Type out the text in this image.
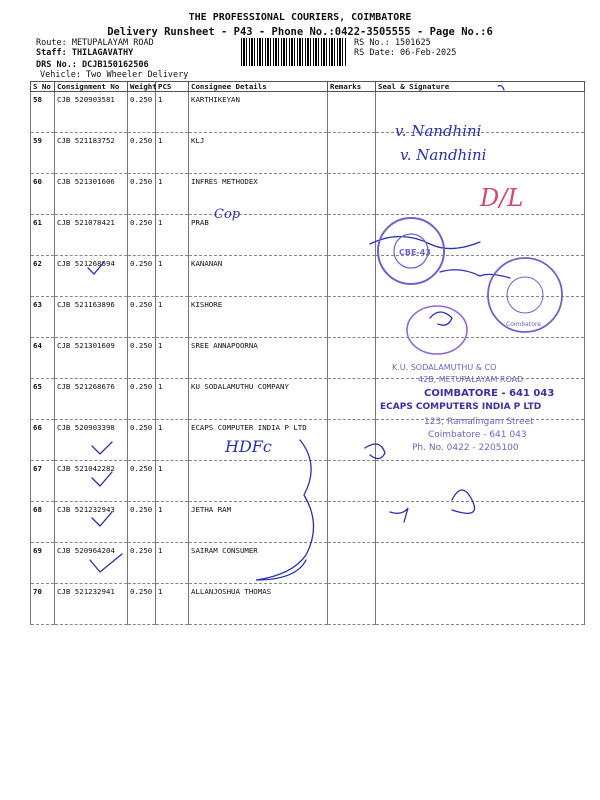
THE PROFESSIONAL COURIERS, COIMBATORE
Delivery Runsheet - P43 - Phone No.:0422-3505555 - Page No.:6
Route: METUPALAYAM ROAD
Staff: THILAGAVATHY
DRS No.: DCJB150162506
Vehicle: Two Wheeler Delivery
RS No.: 1501625
RS Date: 06-Feb-2025
S No	Consignment No	Weight	PCS	Consignee Details	Remarks	Seal & Signature
58	CJB 520903581	0.250	1	KARTHIKEYAN		
59	CJB 521183752	0.250	1	KLJ		
60	CJB 521301606	0.250	1	INFRES METHODEX		
61	CJB 521078421	0.250	1	PRAB		
62	CJB 521268694	0.250	1	KANANAN		
63	CJB 521163896	0.250	1	KISHORE		
64	CJB 521301609	0.250	1	SREE ANNAPOORNA		
65	CJB 521268676	0.250	1	KU SODALAMUTHU COMPANY		
66	CJB 520903398	0.250	1	ECAPS COMPUTER INDIA P LTD		
67	CJB 521042282	0.250	1			
68	CJB 521232943	0.250	1	JETHA RAM		
69	CJB 520964204	0.250	1	SAIRAM CONSUMER		
70	CJB 521232941	0.250	1	ALLANJOSHUA THOMAS		
v. Nandhini
v. Nandhini
Cop
HDFc
D/L
CBE-43
Coimbatore
K.U. SODALAMUTHU & CO
42B, METUPALAYAM ROAD
COIMBATORE - 641 043
ECAPS COMPUTERS INDIA P LTD
123, Ramalingam Street
Coimbatore - 641 043
Ph. No. 0422 - 2205100
